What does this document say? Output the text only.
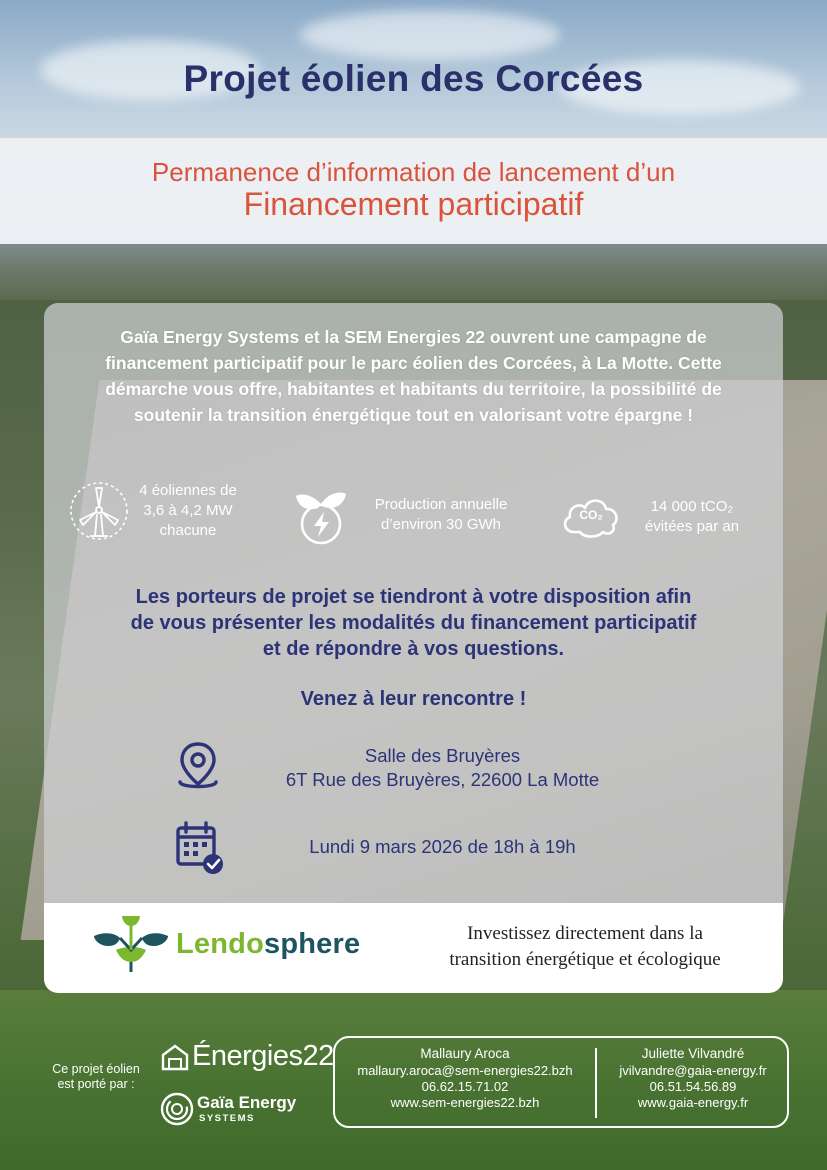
Projet éolien des Corcées
Permanence d’information de lancement d’un
Financement participatif
Gaïa Energy Systems et la SEM Energies 22 ouvrent une campagne de financement participatif pour le parc éolien des Corcées, à La Motte. Cette démarche vous offre, habitantes et habitants du territoire, la possibilité de soutenir la transition énergétique tout en valorisant votre épargne !
4 éoliennes de
3,6 à 4,2 MW
chacune
Production annuelle
d’environ 30 GWh
CO₂	14 000 tCO₂
évitées par an
Les porteurs de projet se tiendront à votre disposition afin
de vous présenter les modalités du financement participatif
et de répondre à vos questions.
Venez à leur rencontre !
Salle des Bruyères
6T Rue des Bruyères, 22600 La Motte
Lundi 9 mars 2026 de 18h à 19h
Lendosphere	Investissez directement dans la
transition énergétique et écologique
Ce projet éolien
est porté par :
Énergies22
Gaïa Energy
SYSTEMS
Mallaury Aroca
mallaury.aroca@sem-energies22.bzh
06.62.15.71.02
www.sem-energies22.bzh
Juliette Vilvandré
jvilvandre@gaia-energy.fr
06.51.54.56.89
www.gaia-energy.fr
